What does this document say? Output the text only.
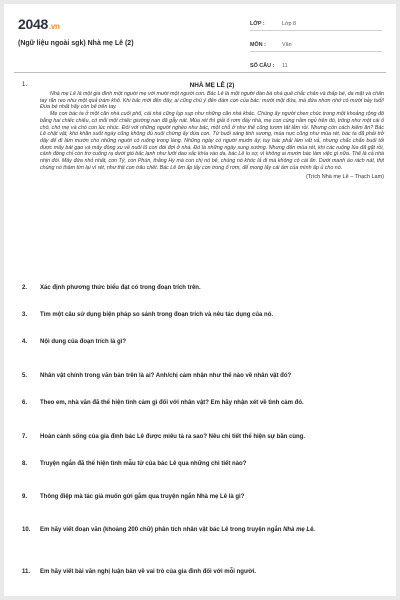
2048.vn
(Ngữ liệu ngoài sgk) Nhà mẹ Lê (2)
LỚP :	Lớp 8
MÔN :	Văn
SỐ CÂU :	11
1.	NHÀ MẸ LÊ (2)

Nhà mẹ Lê là một gia đình một người mẹ với mười một người con. Bác Lê là một người đàn bà nhà quê chắc chân và thấp bé, da mặt và chân tay răn reo như một quả trám khô. Khi bác mới đến đây, ai cũng chú ý đến đám con của bác: mười một đứa, mà đứa nhơn nhớ có mười bảy tuổi! Đứa bé nhất hãy còn bế trên tay.

Mẹ con bác ta ở một căn nhà cuối phố, cái nhà cũng lụp xụp như những căn nhà khác. Chúng ấy người chen chúc trong một khoảng rộng độ bằng hai chiếc chiếu, có mỗi một chiếc giường nan đã gẫy nát. Mùa rét thì giải ổ rơm đầy nhà, mẹ con cùng nằm ngủ trên đó, trông như một cái ổ chó, chó mẹ và chó con lúc nhúc. Đối với những người nghèo như bác, một chỗ ở như thế cũng tươm tất lắm rồi. Nhưng còn cách kiếm ăn? Bác Lê chật vật, khó khăn suốt ngày cũng không đủ nuôi chừng ấy đứa con. Từ buổi sáng tinh sương, mùa nực cũng như mùa rét, bác ta đã phải trở dậy để đi làm mướn cho những người có ruộng trong làng. Những ngày có người mướn ấy, tuy bác phải làm vất vả, nhưng chắc chắn buổi tối được mấy bát gạo và mấy đồng xu về nuôi lũ con đói đợi ở nhà. Đó là những ngày sung sướng. Nhưng đến mùa rét, khi các ruộng lúa đã gặt rồi, cánh đồng chỉ còn trơ cuống rạ dưới gió bấc lạnh như lưỡi dao sắc khía vào da, bác Lê lo sợ, vì không ai mướn bác làm việc gì nữa. Thế là cả nhà nhịn đói. Mấy đứa nhỏ nhất, con Tý, con Phún, thằng Hy mà con chị nó bế, chúng nó khóc lả đi mà không có cái ăn. Dưới manh áo rách nát, thịt chúng nó thâm tím lại vì rét, như thịt con trâu chết. Bác Lê ôm ấp lấy con trong ổ rơm, để mong lấy cái ấm của mình ấp ủ cho nó.

(Trích Nhà mẹ Lê – Thạch Lam)
2. Xác định phương thức biểu đạt có trong đoạn trích trên.
3. Tìm một câu sử dụng biện pháp so sánh trong đoạn trích và nêu tác dụng của nó.
4. Nội dung của đoạn trích là gì?
5. Nhân vật chính trong văn bản trên là ai? Anh/chị cảm nhận như thế nào về nhân vật đó?
6. Theo em, nhà văn đã thể hiện tình cảm gì đối với nhân vật? Em hãy nhận xét về tình cảm đó.
7. Hoàn cảnh sống của gia đình bác Lê được miêu tả ra sao? Nêu chi tiết thể hiện sự bần cùng.
8. Truyện ngắn đã thể hiện tình mẫu tử của bác Lê qua những chi tiết nào?
9. Thông điệp mà tác giả muốn gửi gắm qua truyện ngắn Nhà mẹ Lê là gì?
10. Em hãy viết đoạn văn (khoảng 200 chữ) phân tích nhân vật bác Lê trong truyện ngắn Nhà mẹ Lê.
11. Em hãy viết bài văn nghị luận bàn về vai trò của gia đình đối với mỗi người.
